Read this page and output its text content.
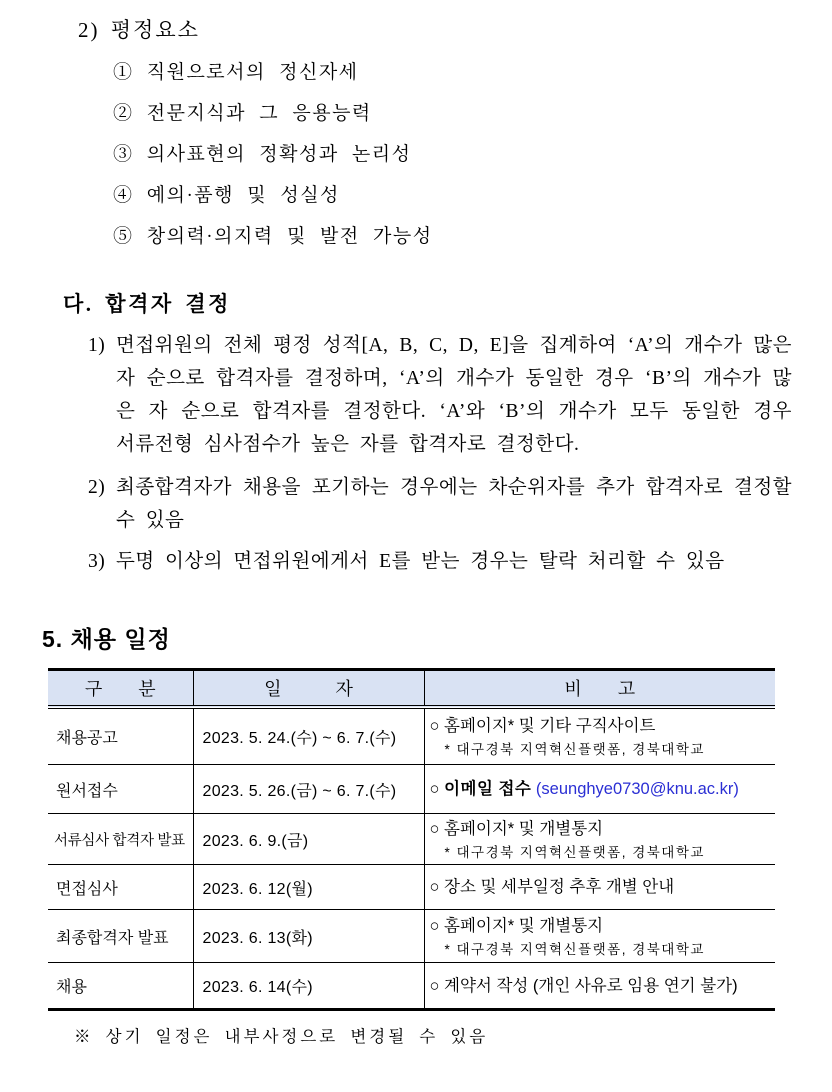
2) 평정요소
① 직원으로서의 정신자세
② 전문지식과 그 응용능력
③ 의사표현의 정확성과 논리성
④ 예의·품행 및 성실성
⑤ 창의력·의지력 및 발전 가능성
다. 합격자 결정
1) 면접위원의 전체 평정 성적[A, B, C, D, E]을 집계하여 ‘A’의 개수가 많은 자 순으로 합격자를 결정하며, ‘A’의 개수가 동일한 경우 ‘B’의 개수가 많은 자 순으로 합격자를 결정한다. ‘A’와 ‘B’의 개수가 모두 동일한 경우 서류전형 심사점수가 높은 자를 합격자로 결정한다.
2) 최종합격자가 채용을 포기하는 경우에는 차순위자를 추가 합격자로 결정할 수 있음
3) 두명 이상의 면접위원에게서 E를 받는 경우는 탈락 처리할 수 있음
5. 채용 일정
구　　분	일　　　자	비　　고
채용공고	2023. 5. 24.(수) ~ 6. 7.(수)	○ 홈페이지* 및 기타 구직사이트
* 대구경북 지역혁신플랫폼, 경북대학교

원서접수	2023. 5. 26.(금) ~ 6. 7.(수)	○ 이메일 접수 (seunghye0730@knu.ac.kr)

서류심사 합격자 발표	2023. 6. 9.(금)	○ 홈페이지* 및 개별통지
* 대구경북 지역혁신플랫폼, 경북대학교

면접심사	2023. 6. 12(월)	○ 장소 및 세부일정 추후 개별 안내

최종합격자 발표	2023. 6. 13(화)	○ 홈페이지* 및 개별통지
* 대구경북 지역혁신플랫폼, 경북대학교

채용	2023. 6. 14(수)	○ 계약서 작성 (개인 사유로 임용 연기 불가)
※ 상기 일정은 내부사정으로 변경될 수 있음
